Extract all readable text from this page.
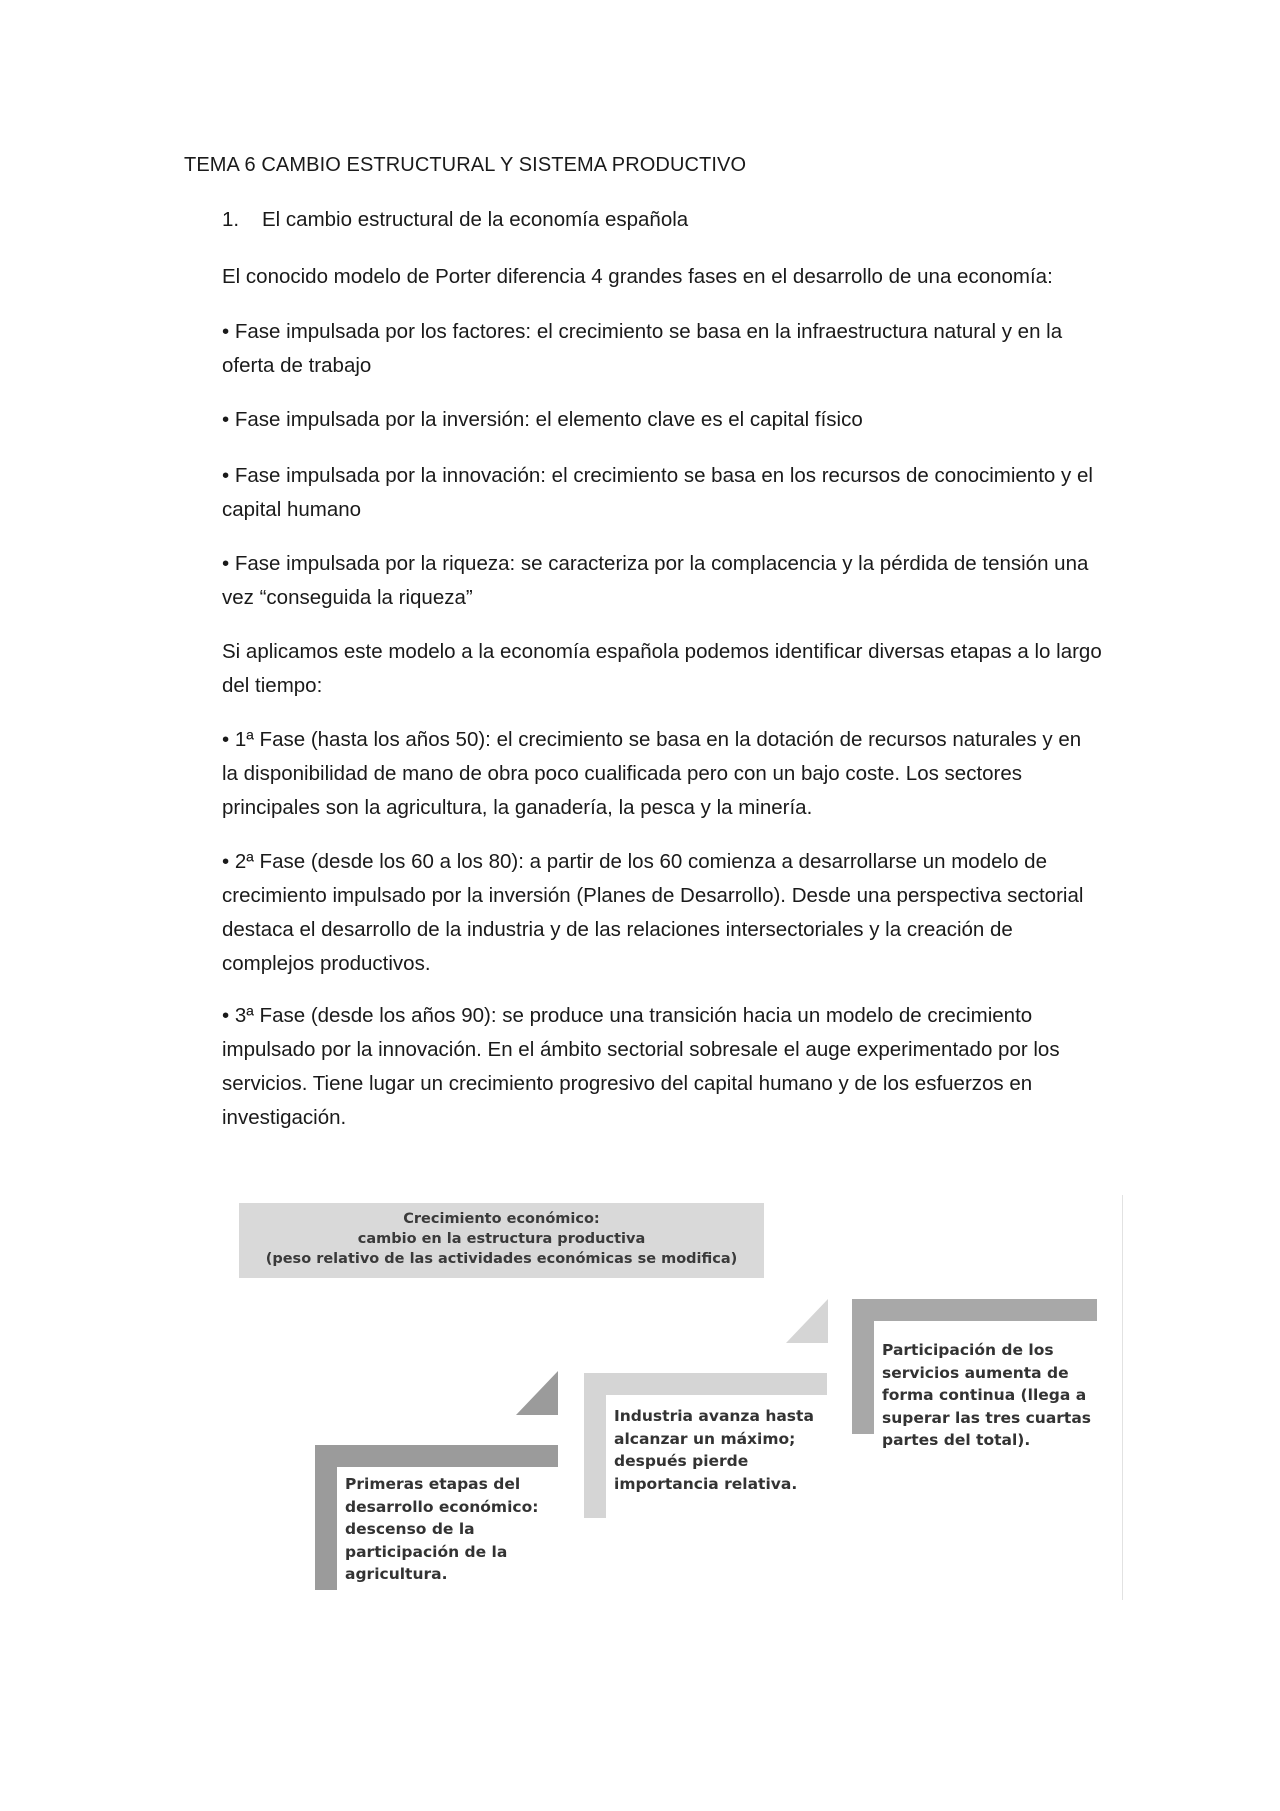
TEMA 6 CAMBIO ESTRUCTURAL Y SISTEMA PRODUCTIVO
1. El cambio estructural de la economía española

El conocido modelo de Porter diferencia 4 grandes fases en el desarrollo de una economía:

• Fase impulsada por los factores: el crecimiento se basa en la infraestructura natural y en la oferta de trabajo

• Fase impulsada por la inversión: el elemento clave es el capital físico

• Fase impulsada por la innovación: el crecimiento se basa en los recursos de conocimiento y el capital humano

• Fase impulsada por la riqueza: se caracteriza por la complacencia y la pérdida de tensión una vez “conseguida la riqueza”

Si aplicamos este modelo a la economía española podemos identificar diversas etapas a lo largo del tiempo:

• 1ª Fase (hasta los años 50): el crecimiento se basa en la dotación de recursos naturales y en la disponibilidad de mano de obra poco cualificada pero con un bajo coste. Los sectores principales son la agricultura, la ganadería, la pesca y la minería.

• 2ª Fase (desde los 60 a los 80): a partir de los 60 comienza a desarrollarse un modelo de crecimiento impulsado por la inversión (Planes de Desarrollo). Desde una perspectiva sectorial destaca el desarrollo de la industria y de las relaciones intersectoriales y la creación de complejos productivos.

• 3ª Fase (desde los años 90): se produce una transición hacia un modelo de crecimiento impulsado por la innovación. En el ámbito sectorial sobresale el auge experimentado por los servicios. Tiene lugar un crecimiento progresivo del capital humano y de los esfuerzos en investigación.

Crecimiento económico:
cambio en la estructura productiva
(peso relativo de las actividades económicas se modifica)
Primeras etapas del
desarrollo económico:
descenso de la
participación de la
agricultura.
Industria avanza hasta
alcanzar un máximo;
después pierde
importancia relativa.
Participación de los
servicios aumenta de
forma continua (llega a
superar las tres cuartas
partes del total).
